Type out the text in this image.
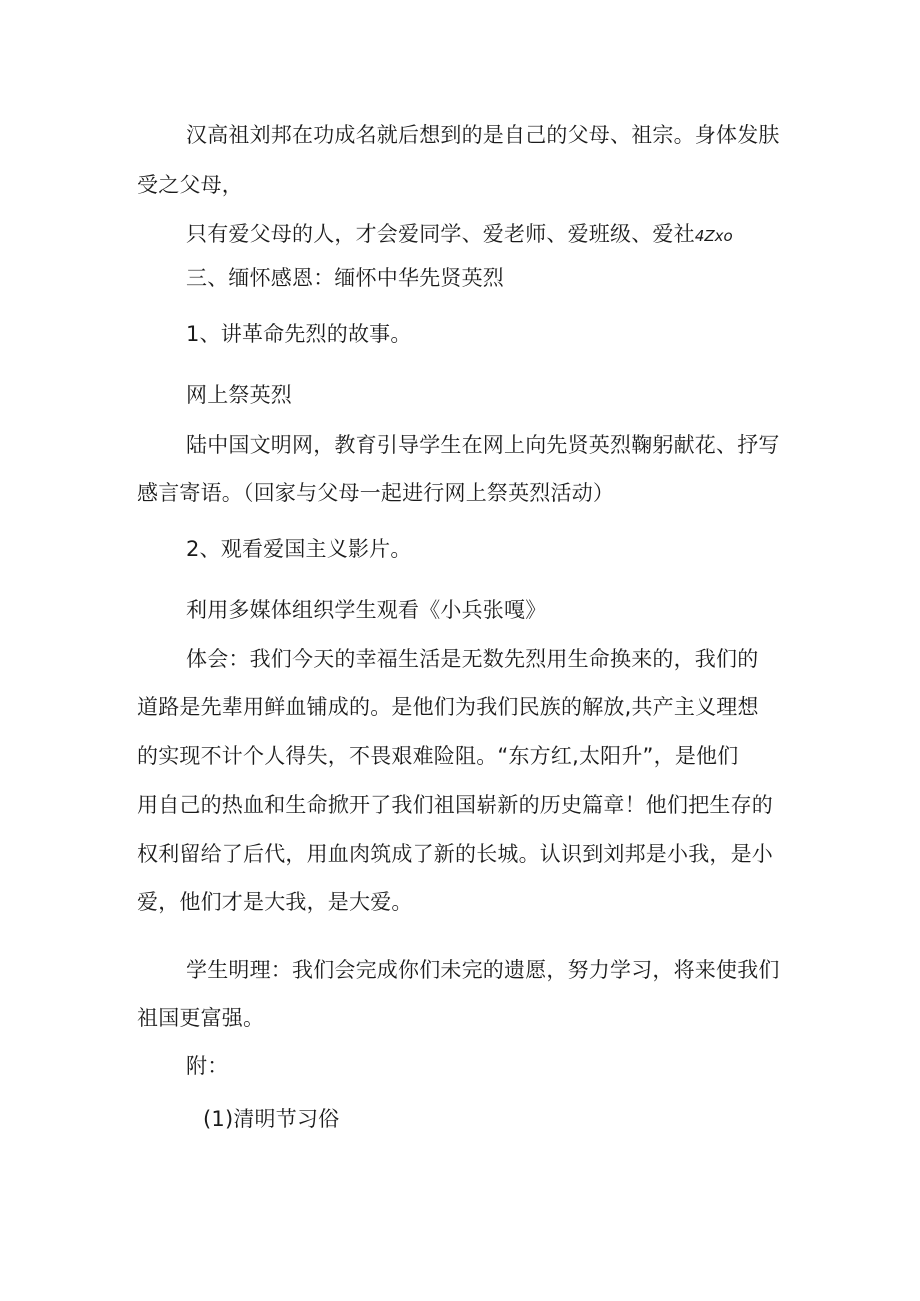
汉高祖刘邦在功成名就后想到的是自己的父母、祖宗。身体发肤
受之父母，
只有爱父母的人，才会爱同学、爱老师、爱班级、爱社4Zxo
三、缅怀感恩：缅怀中华先贤英烈
1、讲革命先烈的故事。
网上祭英烈
陆中国文明网，教育引导学生在网上向先贤英烈鞠躬献花、抒写
感言寄语。（回家与父母一起进行网上祭英烈活动）
2、观看爱国主义影片。
利用多媒体组织学生观看《小兵张嘎》
体会：我们今天的幸福生活是无数先烈用生命换来的，我们的
道路是先辈用鲜血铺成的。是他们为我们民族的解放,共产主义理想
的实现不计个人得失，不畏艰难险阻。“东方红,太阳升”，是他们
用自己的热血和生命掀开了我们祖国崭新的历史篇章！他们把生存的
权利留给了后代，用血肉筑成了新的长城。认识到刘邦是小我，是小
爱，他们才是大我，是大爱。
学生明理：我们会完成你们未完的遗愿，努力学习，将来使我们
祖国更富强。
附：
(1)清明节习俗
